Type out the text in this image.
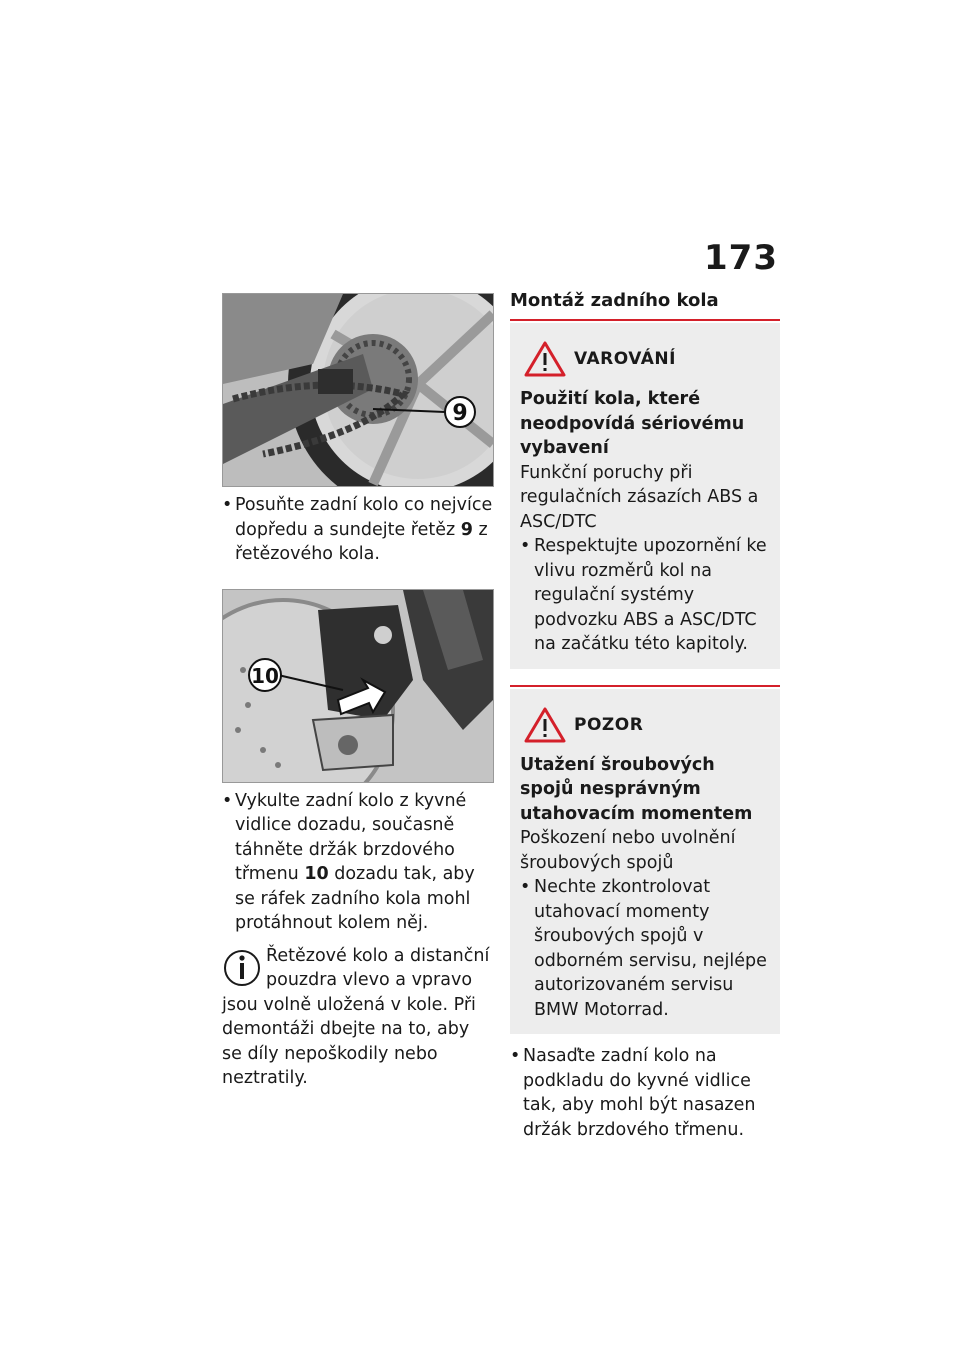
173
9
• Posuňte zadní kolo co nejvíce dopředu a sundejte řetěz 9 z řetězového kola.
10
• Vykulte zadní kolo z kyvné vidlice dozadu, současně táhněte držák brzdového třmenu 10 dozadu tak, aby se ráfek zadního kola mohl protáhnout kolem něj.
Řetězové kolo a distanční pouzdra vlevo a vpravo jsou volně uložená v kole. Při demontáži dbejte na to, aby se díly nepoškodily nebo neztratily.
Montáž zadního kola
VAROVÁNÍ
Použití kola, které neodpovídá sériovému vybavení
Funkční poruchy při regulačních zásazích ABS a ASC/DTC
• Respektujte upozornění ke vlivu rozměrů kol na regulační systémy podvozku ABS a ASC/DTC na začátku této kapitoly.
POZOR
Utažení šroubových spojů nesprávným utahovacím momentem
Poškození nebo uvolnění šroubových spojů
• Nechte zkontrolovat utahovací momenty šroubových spojů v odborném servisu, nejlépe autorizovaném servisu BMW Motorrad.
• Nasaďte zadní kolo na podkladu do kyvné vidlice tak, aby mohl být nasazen držák brzdového třmenu.
